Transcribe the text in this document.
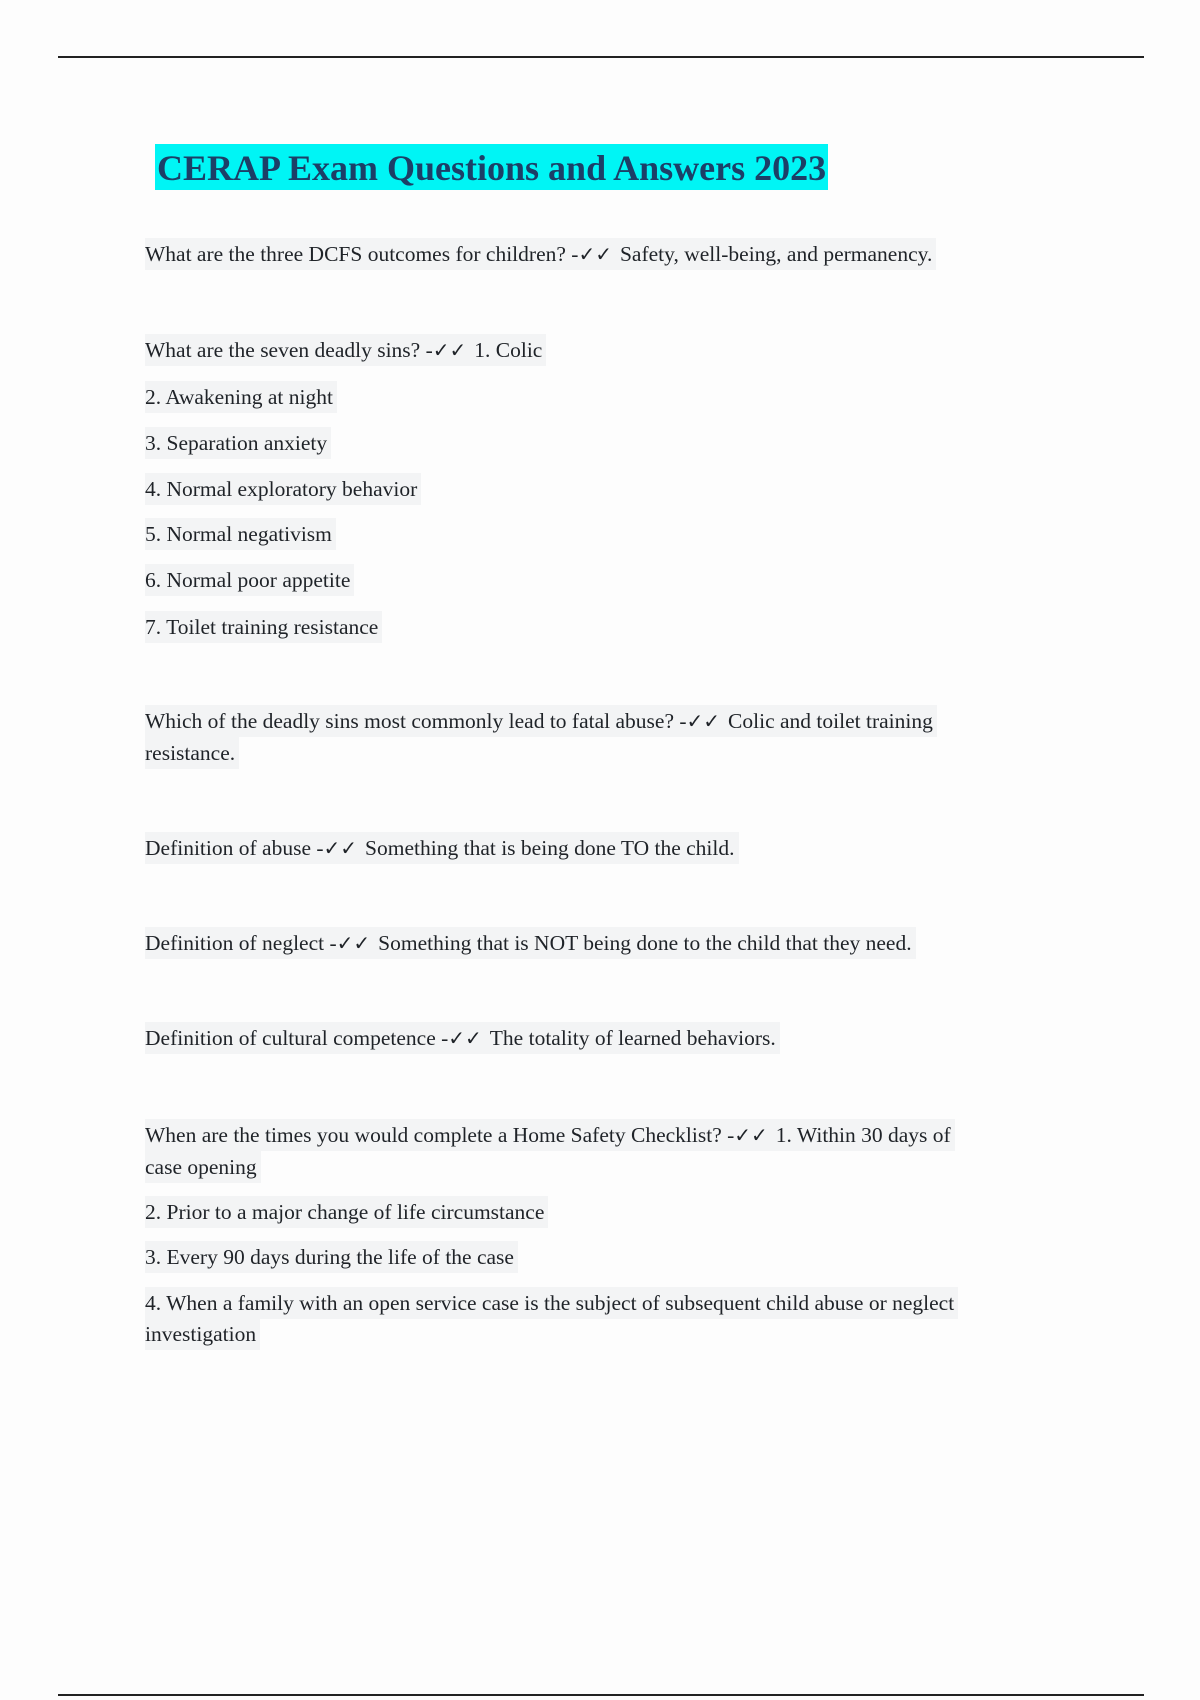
CERAP Exam Questions and Answers 2023
What are the three DCFS outcomes for children? -✓✓ Safety, well-being, and permanency.
What are the seven deadly sins? -✓✓ 1. Colic
2. Awakening at night
3. Separation anxiety
4. Normal exploratory behavior
5. Normal negativism
6. Normal poor appetite
7. Toilet training resistance
Which of the deadly sins most commonly lead to fatal abuse? -✓✓ Colic and toilet training
resistance.
Definition of abuse -✓✓ Something that is being done TO the child.
Definition of neglect -✓✓ Something that is NOT being done to the child that they need.
Definition of cultural competence -✓✓ The totality of learned behaviors.
When are the times you would complete a Home Safety Checklist? -✓✓ 1. Within 30 days of
case opening
2. Prior to a major change of life circumstance
3. Every 90 days during the life of the case
4. When a family with an open service case is the subject of subsequent child abuse or neglect
investigation
